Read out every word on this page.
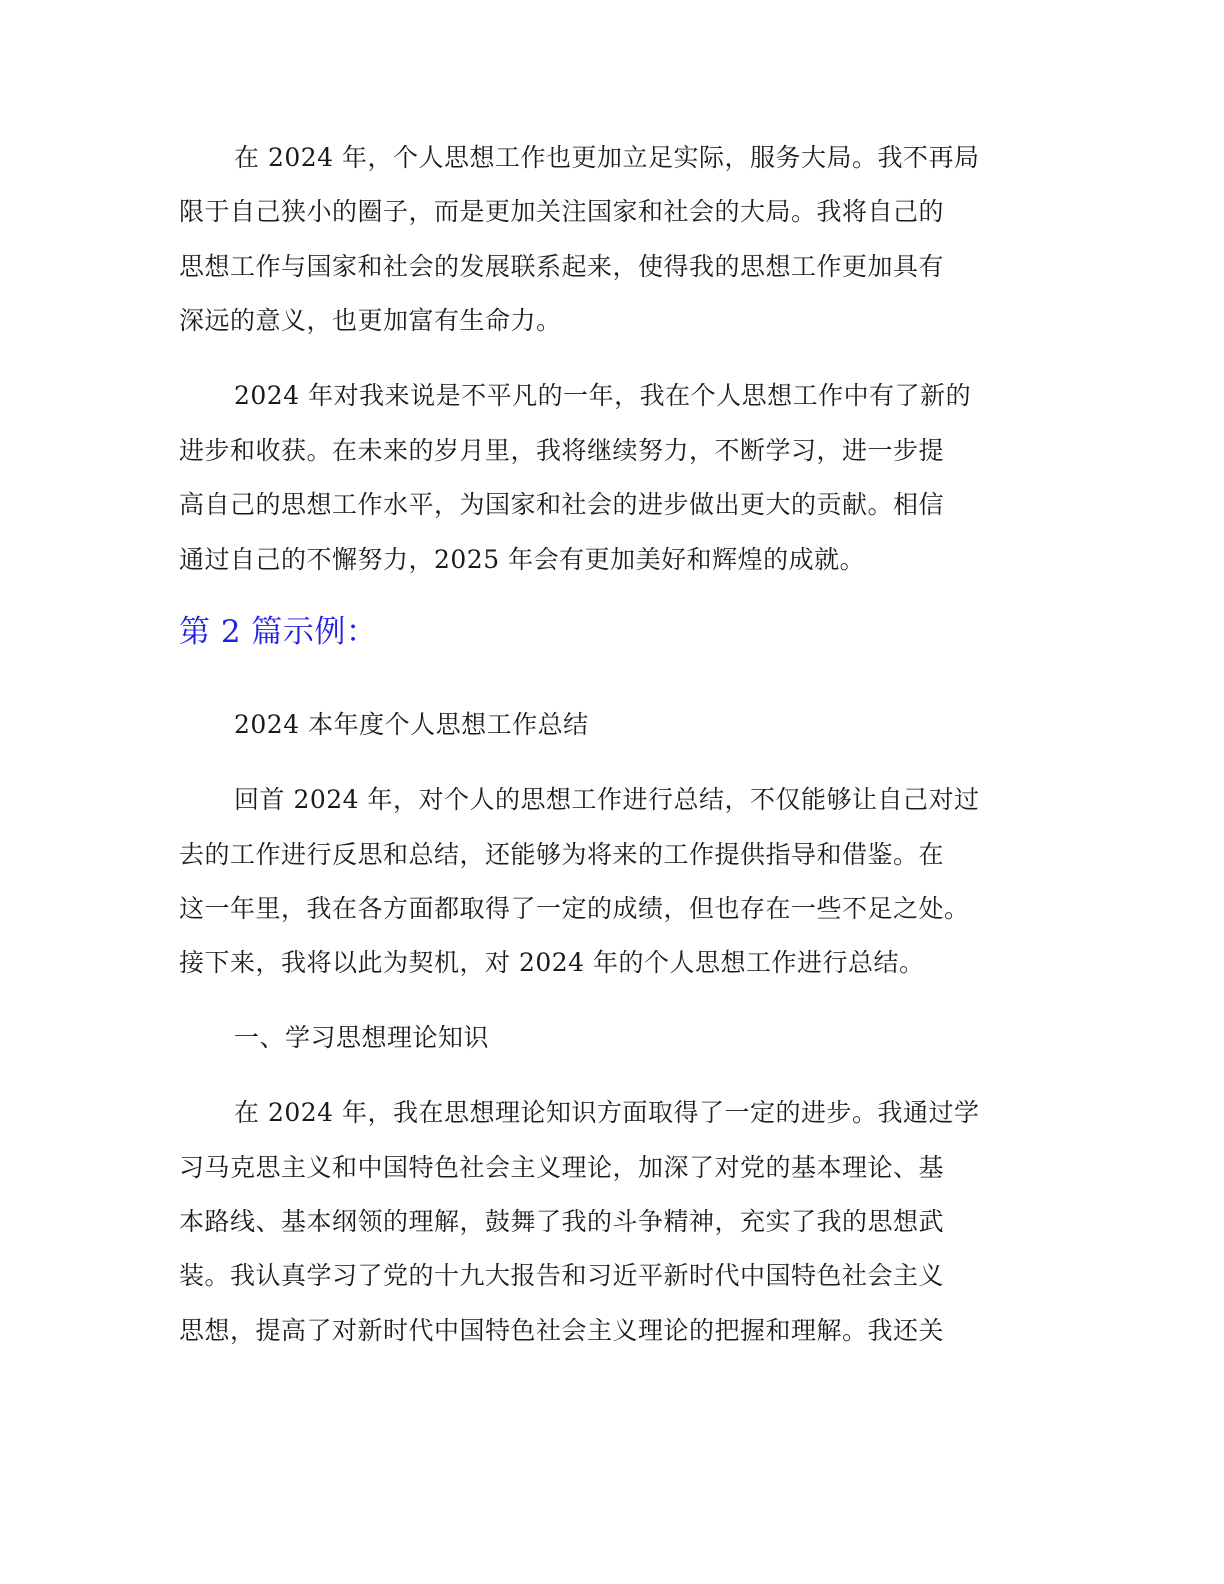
在 2024 年，个人思想工作也更加立足实际，服务大局。我不再局
限于自己狭小的圈子，而是更加关注国家和社会的大局。我将自己的
思想工作与国家和社会的发展联系起来，使得我的思想工作更加具有
深远的意义，也更加富有生命力。
2024 年对我来说是不平凡的一年，我在个人思想工作中有了新的
进步和收获。在未来的岁月里，我将继续努力，不断学习，进一步提
高自己的思想工作水平，为国家和社会的进步做出更大的贡献。相信
通过自己的不懈努力，2025 年会有更加美好和辉煌的成就。
第 2 篇示例：
2024 本年度个人思想工作总结
回首 2024 年，对个人的思想工作进行总结，不仅能够让自己对过
去的工作进行反思和总结，还能够为将来的工作提供指导和借鉴。在
这一年里，我在各方面都取得了一定的成绩，但也存在一些不足之处。
接下来，我将以此为契机，对 2024 年的个人思想工作进行总结。
一、学习思想理论知识
在 2024 年，我在思想理论知识方面取得了一定的进步。我通过学
习马克思主义和中国特色社会主义理论，加深了对党的基本理论、基
本路线、基本纲领的理解，鼓舞了我的斗争精神，充实了我的思想武
装。我认真学习了党的十九大报告和习近平新时代中国特色社会主义
思想，提高了对新时代中国特色社会主义理论的把握和理解。我还关
